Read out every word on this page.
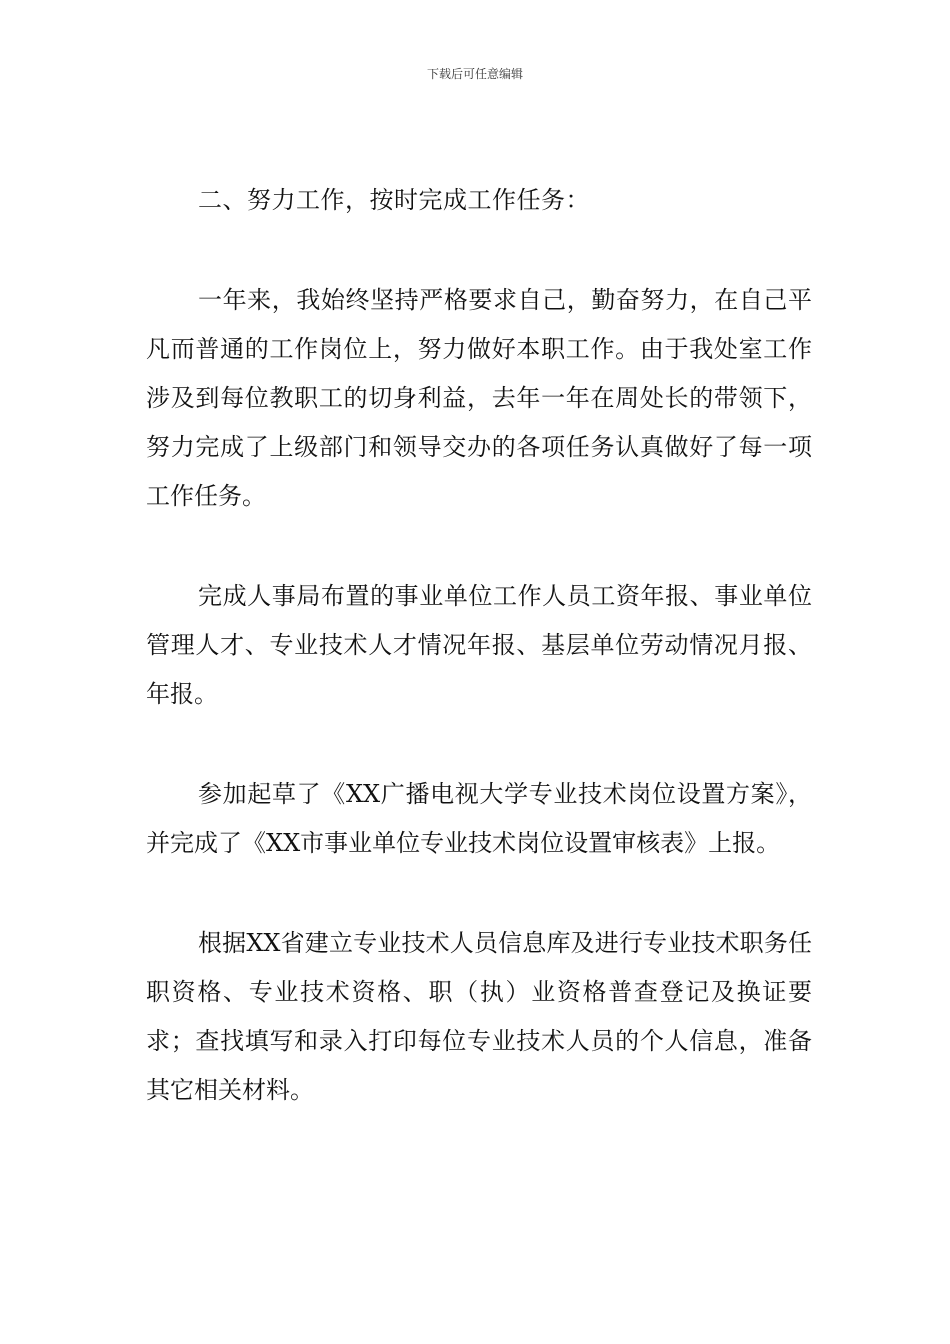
下载后可任意编辑

二、努力工作，按时完成工作任务：

一年来，我始终坚持严格要求自己，勤奋努力，在自己平凡而普通的工作岗位上，努力做好本职工作。由于我处室工作涉及到每位教职工的切身利益，去年一年在周处长的带领下，努力完成了上级部门和领导交办的各项任务认真做好了每一项工作任务。

完成人事局布置的事业单位工作人员工资年报、事业单位管理人才、专业技术人才情况年报、基层单位劳动情况月报、年报。

参加起草了《XX广播电视大学专业技术岗位设置方案》，并完成了《XX市事业单位专业技术岗位设置审核表》上报。

根据XX省建立专业技术人员信息库及进行专业技术职务任职资格、专业技术资格、职（执）业资格普查登记及换证要求；查找填写和录入打印每位专业技术人员的个人信息，准备其它相关材料。
